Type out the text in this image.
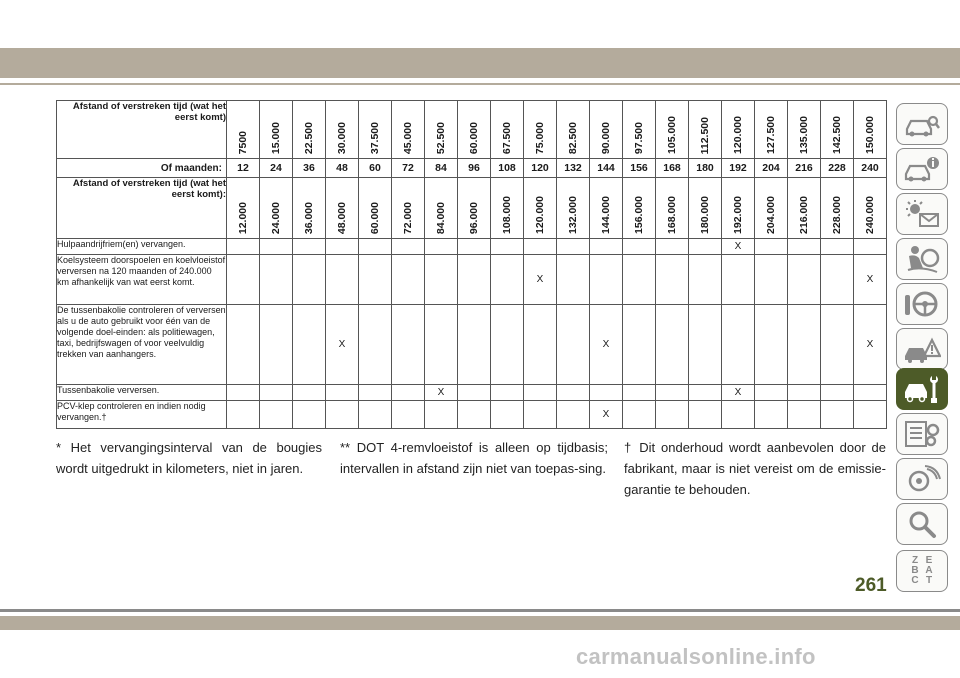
Afstand of verstreken tijd (wat het eerst komt)	7500	15.000	22.500	30.000	37.500	45.000	52.500	60.000	67.500	75.000	82.500	90.000	97.500	105.000	112.500	120.000	127.500	135.000	142.500	150.000

Of maanden:	12	24	36	48	60	72	84	96	108	120	132	144	156	168	180	192	204	216	228	240
Afstand of verstreken tijd (wat het eerst komt):	12.000	24.000	36.000	48.000	60.000	72.000	84.000	96.000	108.000	120.000	132.000	144.000	156.000	168.000	180.000	192.000	204.000	216.000	228.000	240.000

Hulpaandrijfriem(en) vervangen.																X				
Koelsysteem doorspoelen en koelvloeistof verversen na 120 maanden of 240.000 km afhankelijk van wat eerst komt.										X										X
De tussenbakolie controleren of verversen als u de auto gebruikt voor één van de volgende doel-einden: als politiewagen, taxi, bedrijfswagen of voor veelvuldig trekken van aanhangers.				X								X								X
Tussenbakolie verversen.							X									X				
PCV-klep controleren en indien nodig vervangen.†												X								
* Het vervangingsinterval van de bougies wordt uitgedrukt in kilometers, niet in jaren.
** DOT 4-remvloeistof is alleen op tijdbasis; intervallen in afstand zijn niet van toepas-sing.
† Dit onderhoud wordt aanbevolen door de fabrikant, maar is niet vereist om de emissie-garantie te behouden.
Z E
B A
C T
261
carmanualsonline.info
